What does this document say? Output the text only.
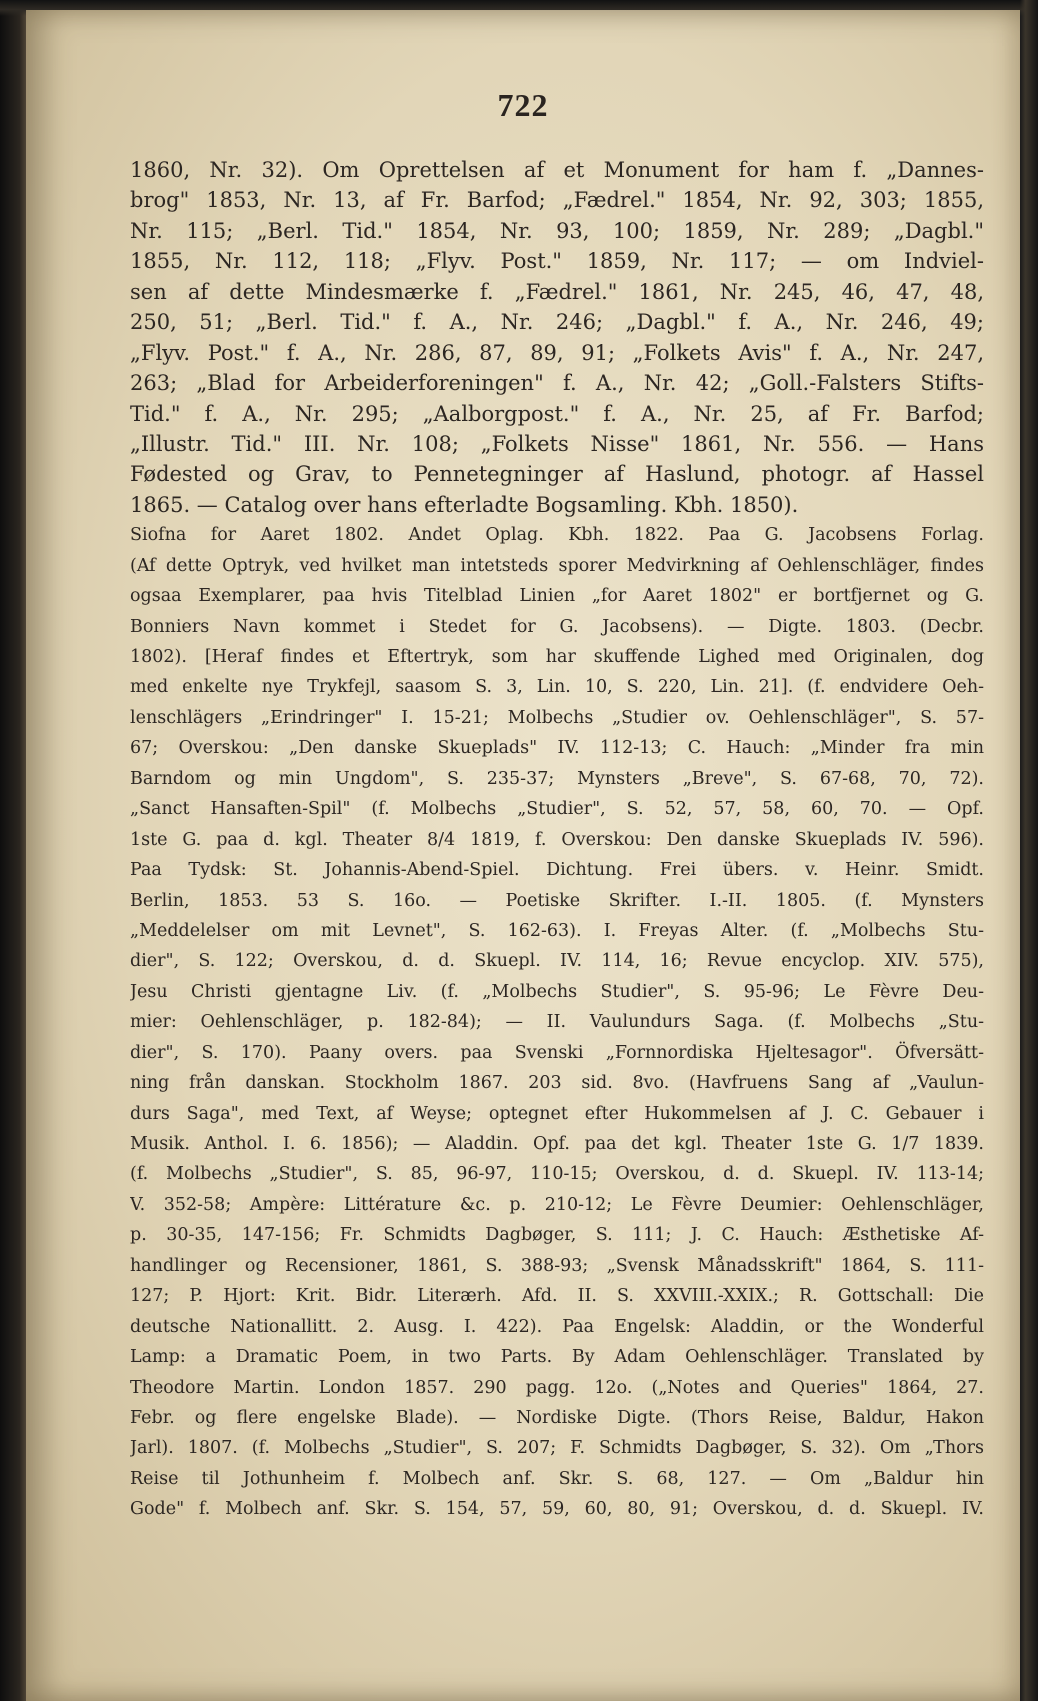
722
1860, Nr. 32). Om Oprettelsen af et Monument for ham f. „Dannes-
brog" 1853, Nr. 13, af Fr. Barfod; „Fædrel." 1854, Nr. 92, 303; 1855,
Nr. 115; „Berl. Tid." 1854, Nr. 93, 100; 1859, Nr. 289; „Dagbl."
1855, Nr. 112, 118; „Flyv. Post." 1859, Nr. 117; — om Indviel-
sen af dette Mindesmærke f. „Fædrel." 1861, Nr. 245, 46, 47, 48,
250, 51; „Berl. Tid." f. A., Nr. 246; „Dagbl." f. A., Nr. 246, 49;
„Flyv. Post." f. A., Nr. 286, 87, 89, 91; „Folkets Avis" f. A., Nr. 247,
263; „Blad for Arbeiderforeningen" f. A., Nr. 42; „Goll.-Falsters Stifts-
Tid." f. A., Nr. 295; „Aalborgpost." f. A., Nr. 25, af Fr. Barfod;
„Illustr. Tid." III. Nr. 108; „Folkets Nisse" 1861, Nr. 556. — Hans
Fødested og Grav, to Pennetegninger af Haslund, photogr. af Hassel
1865. — Catalog over hans efterladte Bogsamling. Kbh. 1850).
Siofna for Aaret 1802. Andet Oplag. Kbh. 1822. Paa G. Jacobsens Forlag.
(Af dette Optryk, ved hvilket man intetsteds sporer Medvirkning af Oehlenschläger, findes
ogsaa Exemplarer, paa hvis Titelblad Linien „for Aaret 1802" er bortfjernet og G.
Bonniers Navn kommet i Stedet for G. Jacobsens). — Digte. 1803. (Decbr.
1802). [Heraf findes et Eftertryk, som har skuffende Lighed med Originalen, dog
med enkelte nye Trykfejl, saasom S. 3, Lin. 10, S. 220, Lin. 21]. (f. endvidere Oeh-
lenschlägers „Erindringer" I. 15-21; Molbechs „Studier ov. Oehlenschläger", S. 57-
67; Overskou: „Den danske Skueplads" IV. 112-13; C. Hauch: „Minder fra min
Barndom og min Ungdom", S. 235-37; Mynsters „Breve", S. 67-68, 70, 72).
„Sanct Hansaften-Spil" (f. Molbechs „Studier", S. 52, 57, 58, 60, 70. — Opf.
1ste G. paa d. kgl. Theater 8/4 1819, f. Overskou: Den danske Skueplads IV. 596).
Paa Tydsk: St. Johannis-Abend-Spiel. Dichtung. Frei übers. v. Heinr. Smidt.
Berlin, 1853. 53 S. 16o. — Poetiske Skrifter. I.-II. 1805. (f. Mynsters
„Meddelelser om mit Levnet", S. 162-63). I. Freyas Alter. (f. „Molbechs Stu-
dier", S. 122; Overskou, d. d. Skuepl. IV. 114, 16; Revue encyclop. XIV. 575),
Jesu Christi gjentagne Liv. (f. „Molbechs Studier", S. 95-96; Le Fèvre Deu-
mier: Oehlenschläger, p. 182-84); — II. Vaulundurs Saga. (f. Molbechs „Stu-
dier", S. 170). Paany overs. paa Svenski „Fornnordiska Hjeltesagor". Öfversätt-
ning från danskan. Stockholm 1867. 203 sid. 8vo. (Havfruens Sang af „Vaulun-
durs Saga", med Text, af Weyse; optegnet efter Hukommelsen af J. C. Gebauer i
Musik. Anthol. I. 6. 1856); — Aladdin. Opf. paa det kgl. Theater 1ste G. 1/7 1839.
(f. Molbechs „Studier", S. 85, 96-97, 110-15; Overskou, d. d. Skuepl. IV. 113-14;
V. 352-58; Ampère: Littérature &c. p. 210-12; Le Fèvre Deumier: Oehlenschläger,
p. 30-35, 147-156; Fr. Schmidts Dagbøger, S. 111; J. C. Hauch: Æsthetiske Af-
handlinger og Recensioner, 1861, S. 388-93; „Svensk Månadsskrift" 1864, S. 111-
127; P. Hjort: Krit. Bidr. Literærh. Afd. II. S. XXVIII.-XXIX.; R. Gottschall: Die
deutsche Nationallitt. 2. Ausg. I. 422). Paa Engelsk: Aladdin, or the Wonderful
Lamp: a Dramatic Poem, in two Parts. By Adam Oehlenschläger. Translated by
Theodore Martin. London 1857. 290 pagg. 12o. („Notes and Queries" 1864, 27.
Febr. og flere engelske Blade). — Nordiske Digte. (Thors Reise, Baldur, Hakon
Jarl). 1807. (f. Molbechs „Studier", S. 207; F. Schmidts Dagbøger, S. 32). Om „Thors
Reise til Jothunheim f. Molbech anf. Skr. S. 68, 127. — Om „Baldur hin
Gode" f. Molbech anf. Skr. S. 154, 57, 59, 60, 80, 91; Overskou, d. d. Skuepl. IV.
